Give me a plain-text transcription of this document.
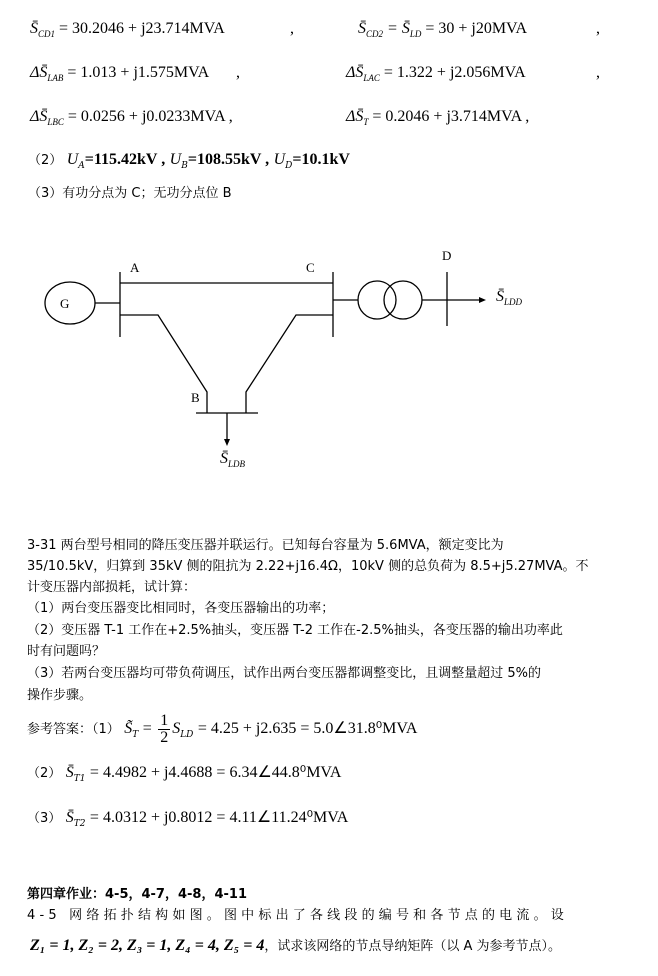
$S̄_{CD1} = 30.2046 + j23.714MVA$	,	$S̄_{CD2}$ = $S̄_{LD} = 30 + j20MVA$	,
$\Delta S̄_{LAB} = 1.013 + j1.575MVA$ ,	$\Delta S̄_{LAC} = 1.322 + j2.056MVA$	,
$\Delta S̄_{LBC} = 0.0256 + j0.0233MVA$ ,	$\Delta S̄_T = 0.2046 + j3.714MVA$ ,
（2） $U_A=115.42kV$ , $U_B=108.55kV$ , $U_D=10.1kV$
（3）有功分点为 C；无功分点位 B
A	C
D
B
G
$S̄_{LDB}$
$S̄_{LDD}$
3-31 两台型号相同的降压变压器并联运行。已知每台容量为 5.6MVA，额定变比为
35/10.5kV，归算到 35kV 侧的阻抗为 2.22+j16.4Ω，10kV 侧的总负荷为 8.5+j5.27MVA。不
计变压器内部损耗，试计算：
（1）两台变压器变比相同时，各变压器输出的功率；
（2）变压器 T-1 工作在+2.5%抽头，变压器 T-2 工作在-2.5%抽头，各变压器的输出功率此
时有问题吗？
（3）若两台变压器均可带负荷调压，试作出两台变压器都调整变比，且调整量超过 5%的
操作步骤。
参考答案：（1） $S̃_T = \frac{1}{2} S_{LD} = 4.25 + j2.635$ = 5.0∠31.8⁰MVA
（2） $S̄_{T1} = 4.4982 + j4.4688$ = 6.34∠44.8⁰MVA
（3） $S̄_{T2} = 4.0312 + j0.8012$ = 4.11∠11.24⁰MVA
第四章作业：4-5，4-7，4-8，4-11
4-5 网络拓扑结构如图。图中标出了各线段的编号和各节点的电流。设
Z₁ = 1, Z₂ = 2, Z₃ = 1, Z₄ = 4, Z₅ = 4，试求该网络的节点导纳矩阵（以 A 为参考节点）。
